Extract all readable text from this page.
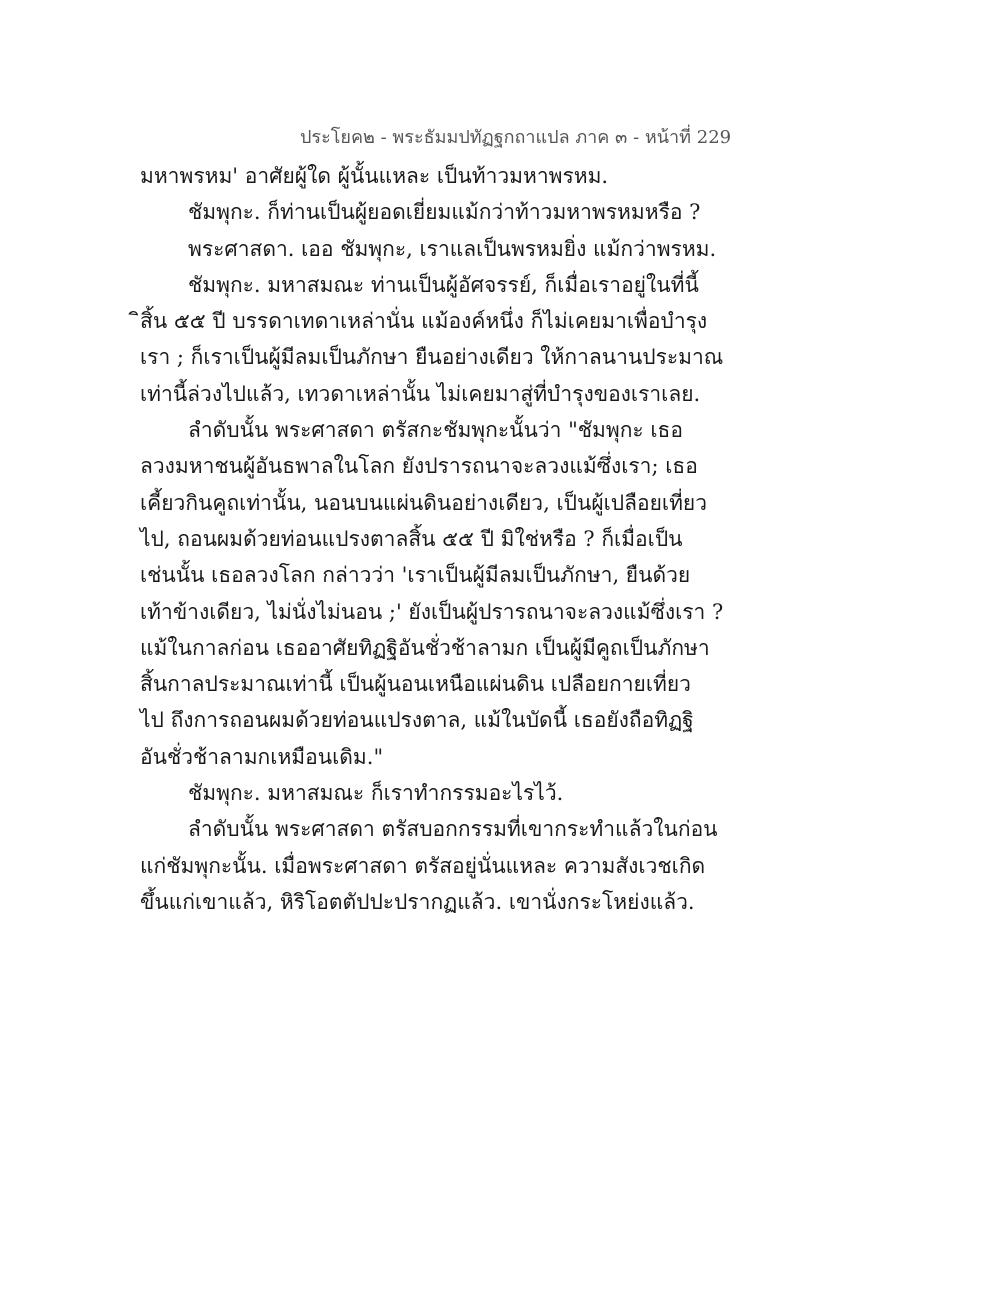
ประโยค๒ - พระธัมมปทัฏฐกถาแปล ภาค ๓ - หน้าที่ 229
มหาพรหม' อาศัยผู้ใด ผู้นั้นแหละ เป็นท้าวมหาพรหม.
ชัมพุกะ. ก็ท่านเป็นผู้ยอดเยี่ยมแม้กว่าท้าวมหาพรหมหรือ ?
พระศาสดา. เออ ชัมพุกะ, เราแลเป็นพรหมยิ่ง แม้กว่าพรหม.
ชัมพุกะ. มหาสมณะ ท่านเป็นผู้อัศจรรย์, ก็เมื่อเราอยู่ในที่นี้
ิสิ้น ๕๕ ปี บรรดาเทดาเหล่านั่น แม้องค์หนึ่ง ก็ไม่เคยมาเพื่อบำรุง
เรา ; ก็เราเป็นผู้มีลมเป็นภักษา ยืนอย่างเดียว ให้กาลนานประมาณ
เท่านี้ล่วงไปแล้ว, เทวดาเหล่านั้น ไม่เคยมาสู่ที่บำรุงของเราเลย.
ลำดับนั้น พระศาสดา ตรัสกะชัมพุกะนั้นว่า "ชัมพุกะ เธอ
ลวงมหาชนผู้อันธพาลในโลก ยังปรารถนาจะลวงแม้ซึ่งเรา; เธอ
เคี้ยวกินคูถเท่านั้น, นอนบนแผ่นดินอย่างเดียว, เป็นผู้เปลือยเที่ยว
ไป, ถอนผมด้วยท่อนแปรงตาลสิ้น ๕๕ ปี มิใช่หรือ ? ก็เมื่อเป็น
เช่นนั้น เธอลวงโลก กล่าวว่า 'เราเป็นผู้มีลมเป็นภักษา, ยืนด้วย
เท้าข้างเดียว, ไม่นั่งไม่นอน ;' ยังเป็นผู้ปรารถนาจะลวงแม้ซึ่งเรา ?
แม้ในกาลก่อน เธออาศัยทิฏฐิอันชั่วช้าลามก เป็นผู้มีคูถเป็นภักษา
สิ้นกาลประมาณเท่านี้ เป็นผู้นอนเหนือแผ่นดิน เปลือยกายเที่ยว
ไป ถึงการถอนผมด้วยท่อนแปรงตาล, แม้ในบัดนี้ เธอยังถือทิฏฐิ
อันชั่วช้าลามกเหมือนเดิม."
ชัมพุกะ. มหาสมณะ ก็เราทำกรรมอะไรไว้.
ลำดับนั้น พระศาสดา ตรัสบอกกรรมที่เขากระทำแล้วในก่อน
แก่ชัมพุกะนั้น. เมื่อพระศาสดา ตรัสอยู่นั่นแหละ ความสังเวชเกิด
ขึ้นแก่เขาแล้ว, หิริโอตตัปปะปรากฏแล้ว. เขานั่งกระโหย่งแล้ว.
